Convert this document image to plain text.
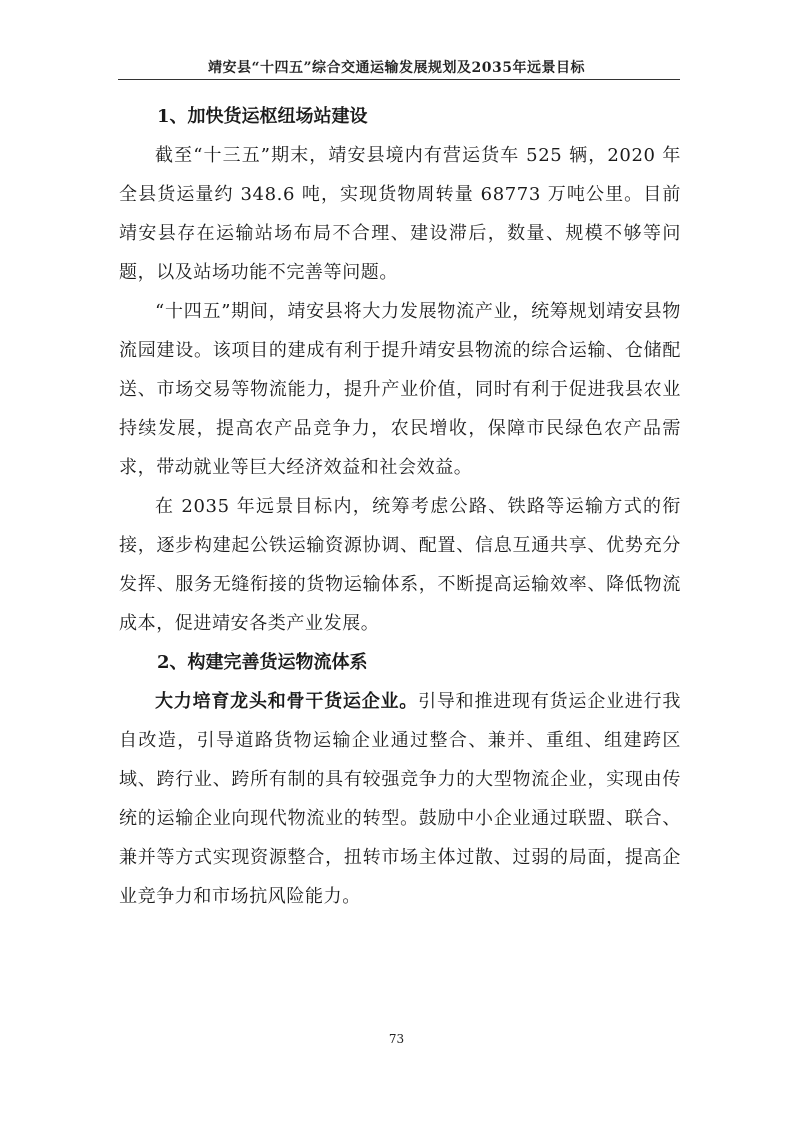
靖安县“十四五”综合交通运输发展规划及2035年远景目标
1、加快货运枢纽场站建设

截至“十三五”期末，靖安县境内有营运货车 525 辆，2020 年全县货运量约 348.6 吨，实现货物周转量 68773 万吨公里。目前靖安县存在运输站场布局不合理、建设滞后，数量、规模不够等问题，以及站场功能不完善等问题。

“十四五”期间，靖安县将大力发展物流产业，统筹规划靖安县物流园建设。该项目的建成有利于提升靖安县物流的综合运输、仓储配送、市场交易等物流能力，提升产业价值，同时有利于促进我县农业持续发展，提高农产品竞争力，农民增收，保障市民绿色农产品需求，带动就业等巨大经济效益和社会效益。

在 2035 年远景目标内，统筹考虑公路、铁路等运输方式的衔接，逐步构建起公铁运输资源协调、配置、信息互通共享、优势充分发挥、服务无缝衔接的货物运输体系，不断提高运输效率、降低物流成本，促进靖安各类产业发展。

2、构建完善货运物流体系

大力培育龙头和骨干货运企业。引导和推进现有货运企业进行我自改造，引导道路货物运输企业通过整合、兼并、重组、组建跨区域、跨行业、跨所有制的具有较强竞争力的大型物流企业，实现由传统的运输企业向现代物流业的转型。鼓励中小企业通过联盟、联合、兼并等方式实现资源整合，扭转市场主体过散、过弱的局面，提高企业竞争力和市场抗风险能力。

73
